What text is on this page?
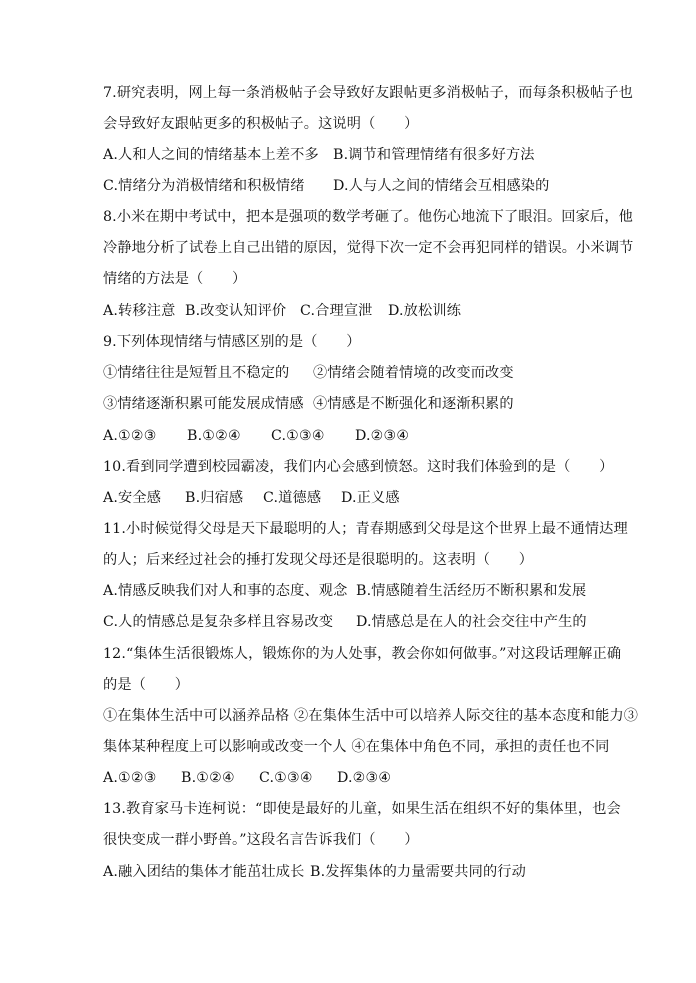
7.研究表明，网上每一条消极帖子会导致好友跟帖更多消极帖子，而每条积极帖子也
会导致好友跟帖更多的积极帖子。这说明（　　）
A.人和人之间的情绪基本上差不多 B.调节和管理情绪有很多好方法
C.情绪分为消极情绪和积极情绪 D.人与人之间的情绪会互相感染的
8.小米在期中考试中，把本是强项的数学考砸了。他伤心地流下了眼泪。回家后，他
冷静地分析了试卷上自己出错的原因，觉得下次一定不会再犯同样的错误。小米调节
情绪的方法是（　　）
A.转移注意 B.改变认知评价 C.合理宣泄 D.放松训练
9.下列体现情绪与情感区别的是（　　）
①情绪往往是短暂且不稳定的 ②情绪会随着情境的改变而改变
③情绪逐渐积累可能发展成情感 ④情感是不断强化和逐渐积累的
A.①②③ B.①②④ C.①③④ D.②③④
10.看到同学遭到校园霸凌，我们内心会感到愤怒。这时我们体验到的是（　　）
A.安全感 B.归宿感 C.道德感 D.正义感
11.小时候觉得父母是天下最聪明的人；青春期感到父母是这个世界上最不通情达理
的人；后来经过社会的捶打发现父母还是很聪明的。这表明（　　）
A.情感反映我们对人和事的态度、观念 B.情感随着生活经历不断积累和发展
C.人的情感总是复杂多样且容易改变 D.情感总是在人的社会交往中产生的
12.“集体生活很锻炼人，锻炼你的为人处事，教会你如何做事。”对这段话理解正确
的是（　　）
①在集体生活中可以涵养品格 ②在集体生活中可以培养人际交往的基本态度和能力③
集体某种程度上可以影响或改变一个人 ④在集体中角色不同，承担的责任也不同
A.①②③ B.①②④ C.①③④ D.②③④
13.教育家马卡连柯说：“即使是最好的儿童，如果生活在组织不好的集体里，也会
很快变成一群小野兽。”这段名言告诉我们（　　）
A.融入团结的集体才能茁壮成长 B.发挥集体的力量需要共同的行动
